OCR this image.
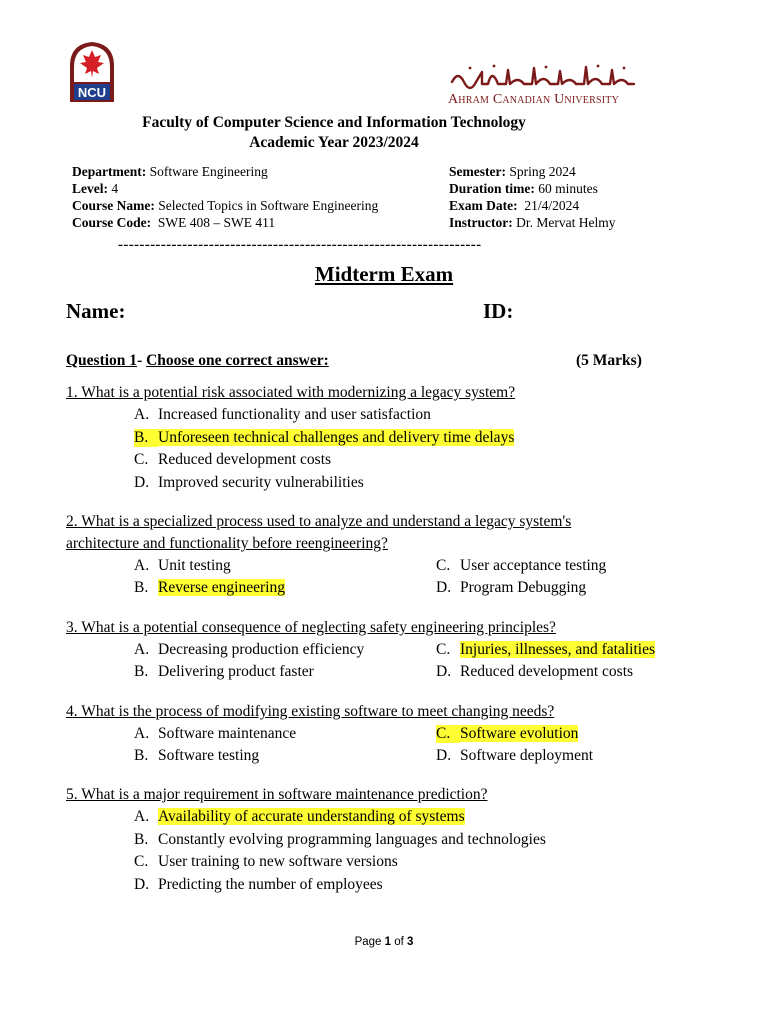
NCU	Ahram Canadian University
Faculty of Computer Science and Information Technology
Academic Year 2023/2024
Department: Software Engineering
Level: 4
Course Name: Selected Topics in Software Engineering
Course Code: SWE 408 – SWE 411
Semester: Spring 2024
Duration time: 60 minutes
Exam Date: 21/4/2024
Instructor: Dr. Mervat Helmy
--------------------------------------------------------------------
Midterm Exam
Name:	ID:
Question 1- Choose one correct answer:	(5 Marks)
1. What is a potential risk associated with modernizing a legacy system?
A. Increased functionality and user satisfaction
B. Unforeseen technical challenges and delivery time delays
C. Reduced development costs
D. Improved security vulnerabilities
2. What is a specialized process used to analyze and understand a legacy system's
architecture and functionality before reengineering?
A. Unit testing	C. User acceptance testing
B. Reverse engineering	D. Program Debugging
3. What is a potential consequence of neglecting safety engineering principles?
A. Decreasing production efficiency	C. Injuries, illnesses, and fatalities
B. Delivering product faster	D. Reduced development costs
4. What is the process of modifying existing software to meet changing needs?
A. Software maintenance	C. Software evolution
B. Software testing	D. Software deployment
5. What is a major requirement in software maintenance prediction?
A. Availability of accurate understanding of systems
B. Constantly evolving programming languages and technologies
C. User training to new software versions
D. Predicting the number of employees
Page 1 of 3
